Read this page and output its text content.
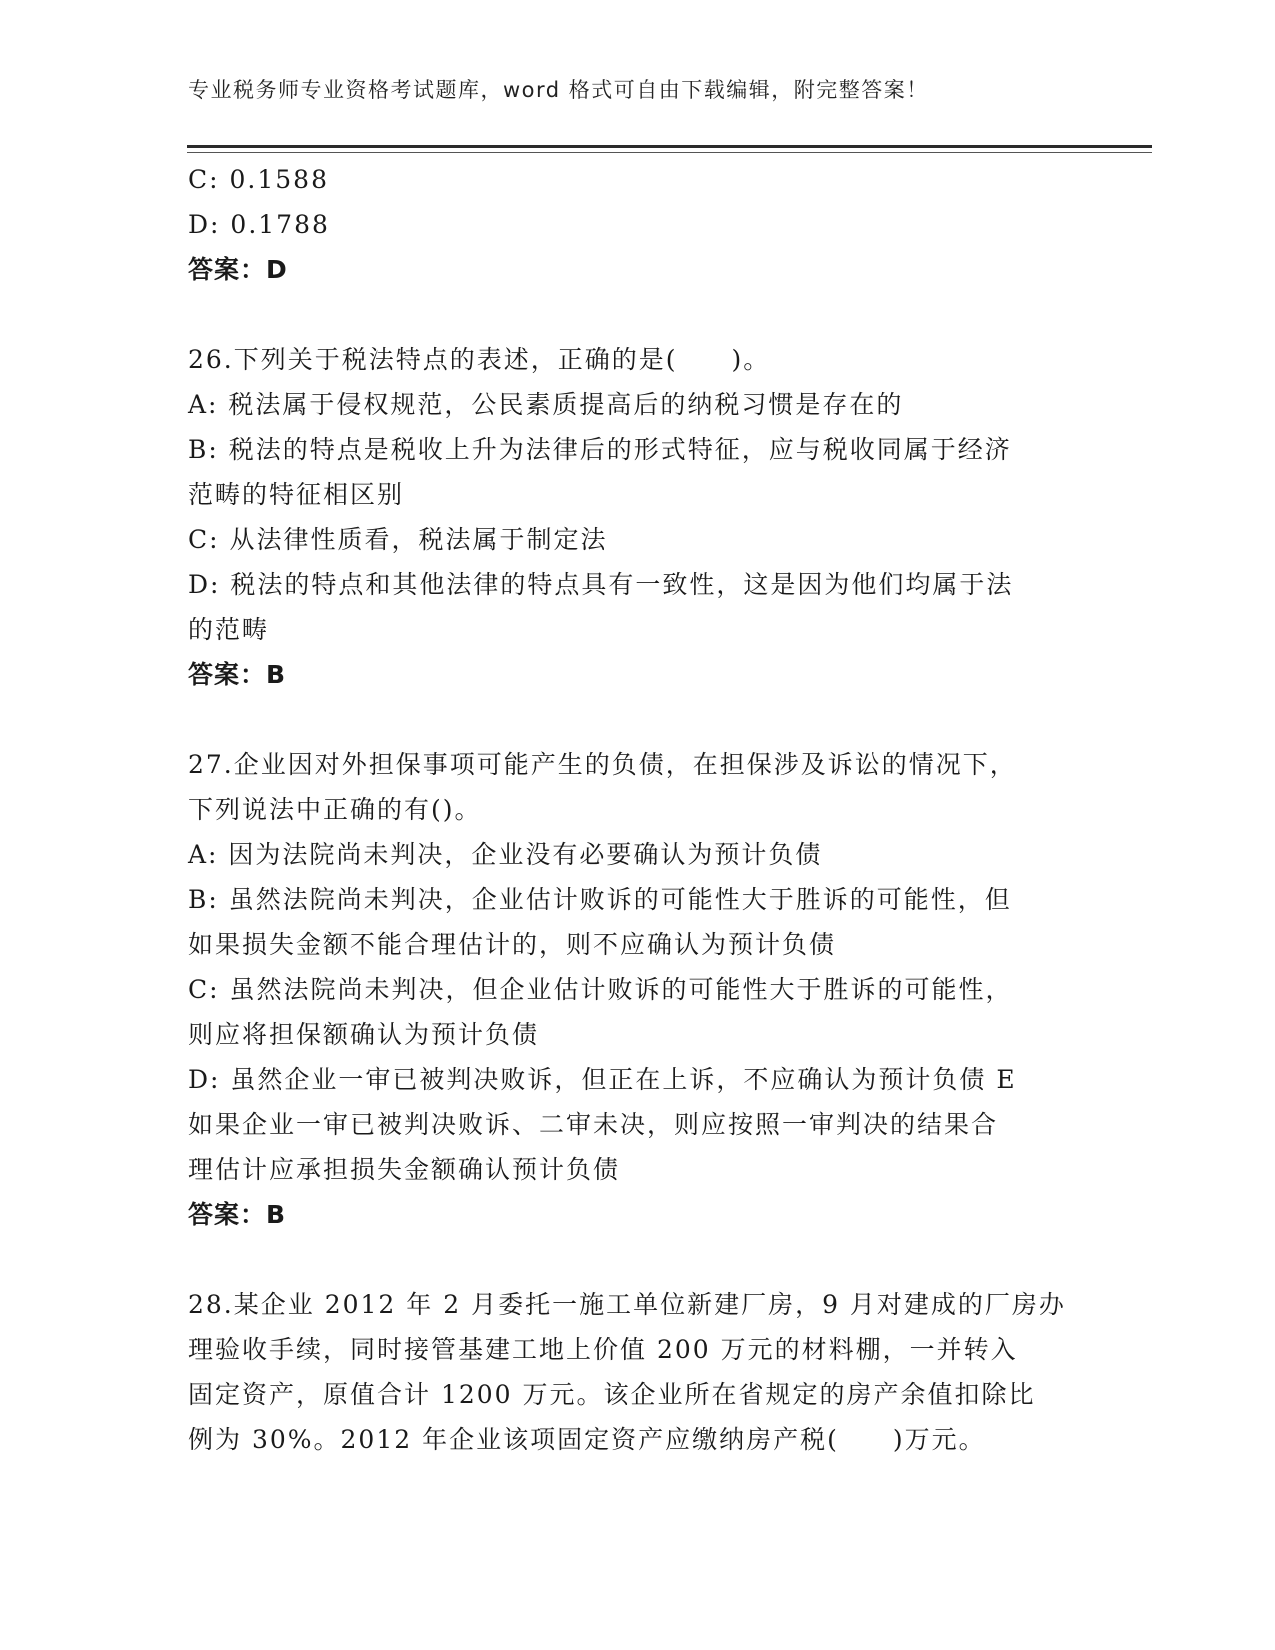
专业税务师专业资格考试题库，word 格式可自由下载编辑，附完整答案！
C: 0.1588
D: 0.1788
答案：D
26.下列关于税法特点的表述，正确的是(　　)。
A: 税法属于侵权规范，公民素质提高后的纳税习惯是存在的
B: 税法的特点是税收上升为法律后的形式特征，应与税收同属于经济
范畴的特征相区别
C: 从法律性质看，税法属于制定法
D: 税法的特点和其他法律的特点具有一致性，这是因为他们均属于法
的范畴
答案：B
27.企业因对外担保事项可能产生的负债，在担保涉及诉讼的情况下，
下列说法中正确的有()。
A: 因为法院尚未判决，企业没有必要确认为预计负债
B: 虽然法院尚未判决，企业估计败诉的可能性大于胜诉的可能性，但
如果损失金额不能合理估计的，则不应确认为预计负债
C: 虽然法院尚未判决，但企业估计败诉的可能性大于胜诉的可能性，
则应将担保额确认为预计负债
D: 虽然企业一审已被判决败诉，但正在上诉，不应确认为预计负债 E
如果企业一审已被判决败诉、二审未决，则应按照一审判决的结果合
理估计应承担损失金额确认预计负债
答案：B
28.某企业 2012 年 2 月委托一施工单位新建厂房，9 月对建成的厂房办
理验收手续，同时接管基建工地上价值 200 万元的材料棚，一并转入
固定资产，原值合计 1200 万元。该企业所在省规定的房产余值扣除比
例为 30%。2012 年企业该项固定资产应缴纳房产税(　　)万元。
